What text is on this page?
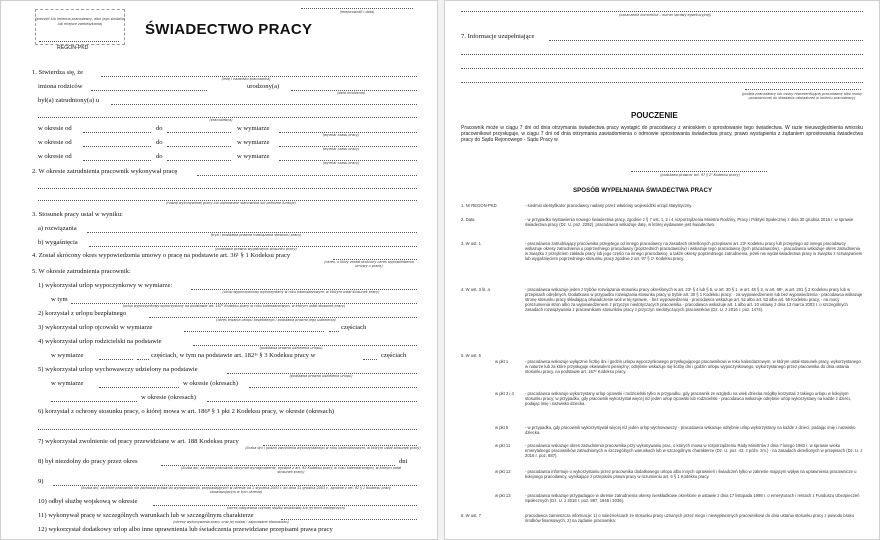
(pieczęć lub imienna pracodawcy, albo jego siedziba lub miejsce zamieszkania)
REGON-PKD
(miejscowość i data)
ŚWIADECTWO PRACY
1. Stwierdza się, że
(imię i nazwisko pracownika)
imiona rodziców	urodzony(a)
(data urodzenia)
był(a) zatrudniony(a) u
(pracodawca)
w okresie od	do	w wymiarze
(wymiar czasu pracy)
w okresie od	do	w wymiarze
(wymiar czasu pracy)
w okresie od	do	w wymiarze
(wymiar czasu pracy)
2. W okresie zatrudnienia pracownik wykonywał pracę
(rodzaj wykonywanej pracy lub zajmowane stanowiska lub pełnione funkcje)
3. Stosunek pracy ustał w wyniku:
a) rozwiązania
(tryb i podstawa prawna rozwiązania stosunku pracy)
b) wygaśnięcia
(podstawa prawna wygaśnięcia stosunku pracy)
4. Został skrócony okres wypowiedzenia umowy o pracę na podstawie art. 36¹ § 1 Kodeksu pracy
(okres, o który został skrócony okres wypowiedzenia umowy o pracę)
5. W okresie zatrudnienia pracownik:
1) wykorzystał urlop wypoczynkowy w wymiarze:
(urlop wypoczynkowy wykorzystany w roku kalendarzowym, w którym ustał stosunek pracy)
w tym
(urlop wypoczynkowy wykorzystany na podstawie art. 167² Kodeksu pracy w roku kalendarzowym, w którym ustał stosunek pracy)
2) korzystał z urlopu bezpłatnego
(okres trwania urlopu bezpłatnego i podstawa prawna jego udzielenia)
3) wykorzystał urlop ojcowski w wymiarze	częściach
4) wykorzystał urlop rodzicielski na podstawie
(podstawa prawna udzielenia urlopu)
w wymiarze	częściach, w tym na podstawie art. 182¹ˢ § 3 Kodeksu pracy w	częściach
5) wykorzystał urlop wychowawczy udzielony na podstawie
(podstawa prawna udzielenia urlopu)
w wymiarze	w okresie (okresach)
w okresie (okresach)
6) korzystał z ochrony stosunku pracy, o której mowa w art. 186⁸ § 1 pkt 2 Kodeksu pracy, w okresie (okresach)
7) wykorzystał zwolnienie od pracy przewidziane w art. 188 Kodeksu pracy
(liczba dni i godzin zwolnienia wykorzystanego w roku kalendarzowym, w którym ustał stosunek pracy)
8) był niezdolny do pracy przez okres	dni
(liczba dni, za które pracownik otrzymał wynagrodzenie, zgodnie z art. 92 Kodeksu pracy, w roku kalendarzowym, w którym ustał stosunek pracy)
9)
(liczba dni, za które pracownik nie zachował prawa do wynagrodzenia, przypadających w okresie od 1 stycznia 2003 r. do dnia 31 grudnia 2003 r., zgodnie z art. 92 § 1 Kodeksu pracy obowiązującym w tym okresie)
10) odbył służbę wojskową w okresie
(okres odbywania czynnej służby wojskowej lub jej form zastępczych)
11) wykonywał pracę w szczególnych warunkach lub w szczególnym charakterze
(okresy wykonywania pracy oraz jej rodzaj i zajmowane stanowisko)
12) wykorzystał dodatkowy urlop albo inne uprawnienia lub świadczenia przewidziane przepisami prawa pracy
(oznaczenie komornika – numer sprawy egzekucyjnej)
7. Informacje uzupełniające
(podpis pracodawcy lub osoby reprezentującej pracodawcę albo osoby upoważnionej do składania oświadczeń w imieniu pracodawcy)
POUCZENIE
Pracownik może w ciągu 7 dni od dnia otrzymania świadectwa pracy wystąpić do pracodawcy z wnioskiem o sprostowanie tego świadectwa. W razie nieuwzględnienia wniosku pracownikowi przysługuje, w ciągu 7 dni od dnia otrzymania zawiadomienia o odmowie sprostowania świadectwa pracy, prawo wystąpienia z żądaniem sprostowania świadectwa pracy do Sądu Rejonowego - Sądu Pracy w
(podstawa prawna: art. 97 § 2¹ Kodeksu pracy)
SPOSÓB WYPEŁNIANIA ŚWIADECTWA PRACY
1. Nr REGON-PKD	- siedmio identyfikator pracodawcy nadany przez właściwy wojewódzki urząd statystyczny.
2. Data	- w przypadku wystawienia nowego świadectwa pracy, zgodnie z § 7 ust. 1, 2 i 4 rozporządzenia Ministra Rodziny, Pracy i Polityki Społecznej z dnia 30 grudnia 2016 r. w sprawie świadectwa pracy (Dz. U. poz. 2292), pracodawca wskazuje datę, w której wydawane jest świadectwo.
3. W ust. 1	- pracodawca zatrudniający pracownika przejętego od innego pracodawcy na zasadach określonych przepisami art. 23¹ Kodeksu pracy lub przejętego od innego pracodawcy wskazuje okresy zatrudnienia u poprzedniego pracodawcy (poprzednich pracodawców) i wskazuje tego pracodawcę (tych pracodawców), - pracodawca wskazuje okres zatrudnienia w związku z przejściem zakładu pracy lub jego części na innego pracodawcę, a także okresy poprzedniego zatrudnienia, jeżeli nie wydał świadectwa pracy w związku z rozwiązaniem lub wygaśnięciem poprzedniego stosunku pracy zgodnie z art. 97 § 1¹ Kodeksu pracy.
4. W ust. 3 lit. a	- pracodawca wskazuje jeden z trybów rozwiązania stosunku pracy określonych w art. 23¹ § 4 lub § 5, w art. 30 § 1, w art. 48 § 2, w art. 68¹, w art. 201 § 2 Kodeksu pracy lub w przepisach odrębnych. Dodatkowo w przypadku rozwiązania stosunku pracy w trybie art. 30 § 1 Kodeksu pracy: - za wypowiedzeniem lub bez wypowiedzenia - pracodawca wskazuje stronę stosunku pracy składającą oświadczenie woli w tej sprawie, - bez wypowiedzenia - pracodawca wskazuje art. 52 albo art. 53 albo art. 55 Kodeksu pracy, - na mocy porozumienia stron albo za wypowiedzeniem z przyczyn niedotyczących pracownika - pracodawca wskazuje art. 1 albo art. 10 ustawy z dnia 13 marca 2003 r. o szczególnych zasadach rozwiązywania z pracownikami stosunków pracy z przyczyn niedotyczących pracowników (Dz. U. z 2016 r. poz. 1474).
5. W ust. 5
w pkt 1	- pracodawca wskazuje wyłącznie liczbę dni i godzin urlopu wypoczynkowego przysługującego pracownikowi w roku kalendarzowym, w którym ustał stosunek pracy, wykorzystanego w naturze lub za które przysługuje ekwiwalent pieniężny; odrębnie wskazuje się liczbę dni i godzin urlopu wypoczynkowego, wykorzystanego przez pracownika do dnia ustania stosunku pracy, na podstawie art. 167² Kodeksu pracy.
w pkt 3 i 4	- pracodawca wskazuje wykorzystany urlop ojcowski i rodzicielski tylko w przypadku, gdy pracownik ze względu na wiek dziecka mógłby korzystać z takiego urlopu w kolejnym stosunku pracy; w przypadku, gdy pracownik wykorzystał więcej niż jeden urlop ojcowski lub rodzicielski - pracodawca wskazuje odrębnie urlop wykorzystany na każde z dzieci, podając imię i nazwisko dziecka.
w pkt 5	- w przypadku, gdy pracownik wykorzystywał więcej niż jeden urlop wychowawczy - pracodawca wskazuje odrębnie urlop wykorzystany na każde z dzieci, podając imię i nazwisko dziecka.
w pkt 11	- pracodawca wskazuje okres zatrudnienia pracownika przy wykonywaniu prac, o których mowa w rozporządzeniu Rady Ministrów z dnia 7 lutego 1983 r. w sprawie wieku emerytalnego pracowników zatrudnionych w szczególnych warunkach lub w szczególnym charakterze (Dz. U. poz. 43, z późn. zm.) - na zasadach określonych w przepisach (Dz. U. z 2016 r. poz. 887).
w pkt 12	- pracodawca informuje o wykorzystaniu przez pracownika dodatkowego urlopu albo innych uprawnień i świadczeń tylko w zakresie mającym wpływ na uprawnienia pracownicze u kolejnego pracodawcy, wynikające z przepisów prawa pracy w rozumieniu art. 9 § 1 Kodeksu pracy.
w pkt 13	- pracodawca wskazuje przypadające w okresie zatrudnienia okresy nieskładkowe określone w ustawie z dnia 17 listopada 1998 r. o emeryturach i rentach z Funduszu Ubezpieczeń Społecznych (Dz. U. z 2016 r. poz. 887, 1948 i 2036).
6. W ust. 7	pracodawca zamieszcza informacje: 1) o należnościach ze stosunku pracy uznanych przez niego i niewypłaconych pracownikowi do dnia ustania stosunku pracy z powodu braku środków finansowych, 2) na żądanie pracownika:
